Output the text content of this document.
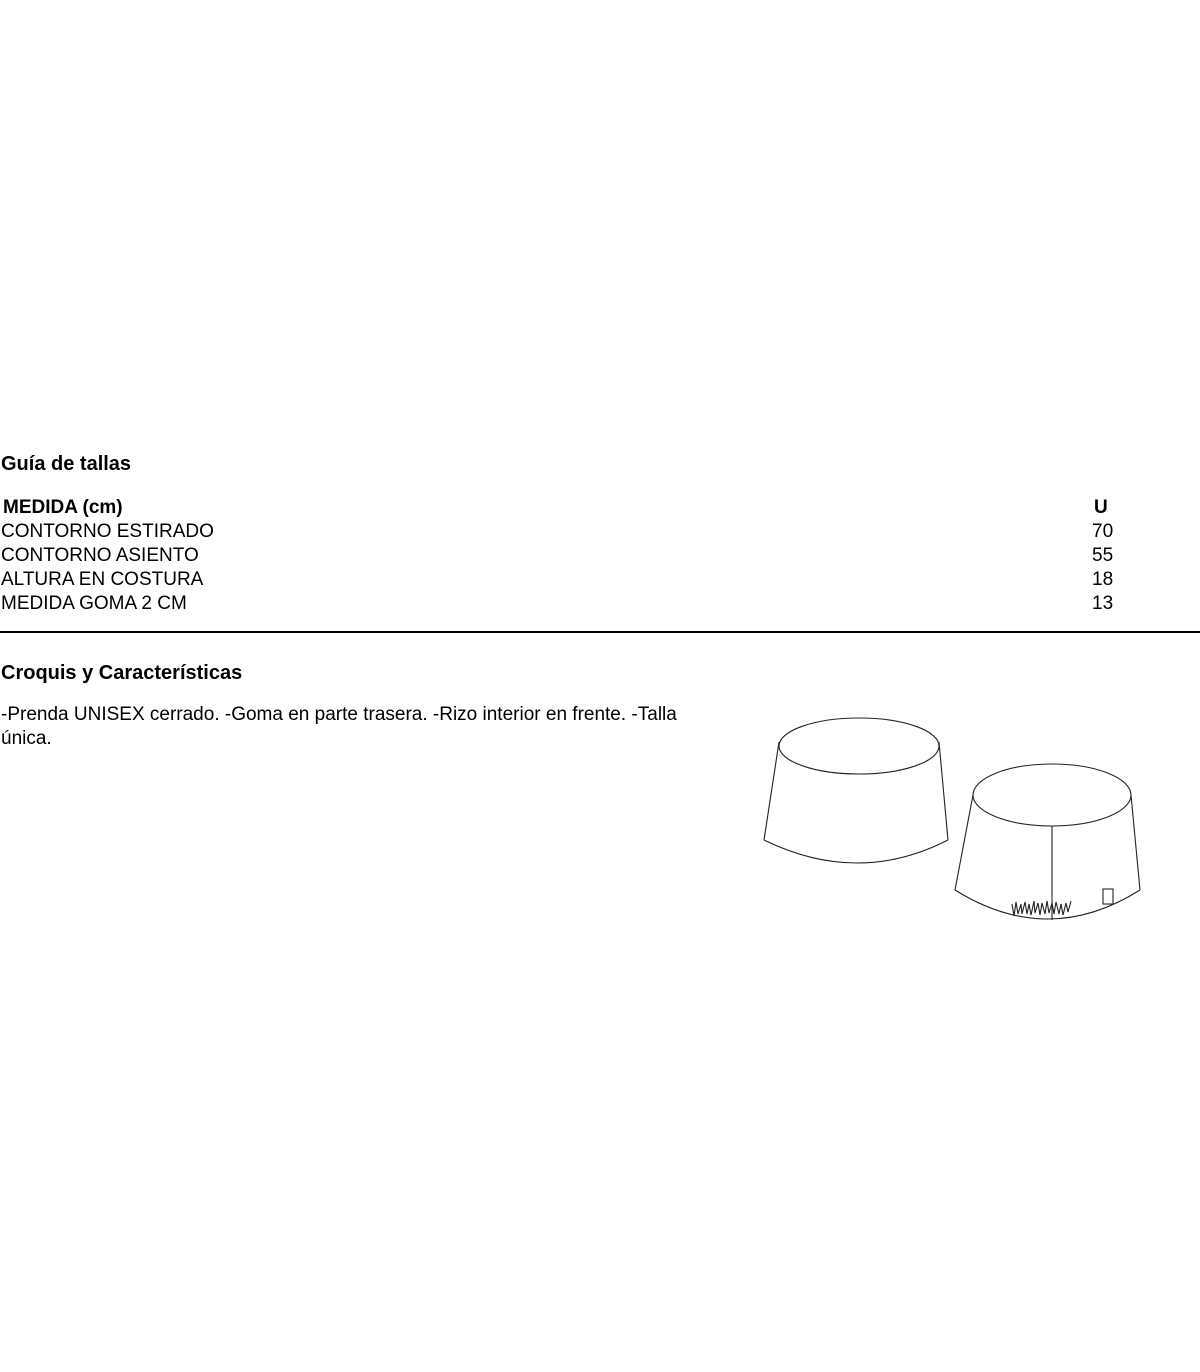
Guía de tallas
MEDIDA (cm)	U
CONTORNO ESTIRADO	70
CONTORNO ASIENTO	55
ALTURA EN COSTURA	18
MEDIDA GOMA 2 CM	13
Croquis y Características

-Prenda UNISEX cerrado. -Goma en parte trasera. -Rizo interior en frente. -Talla única.
